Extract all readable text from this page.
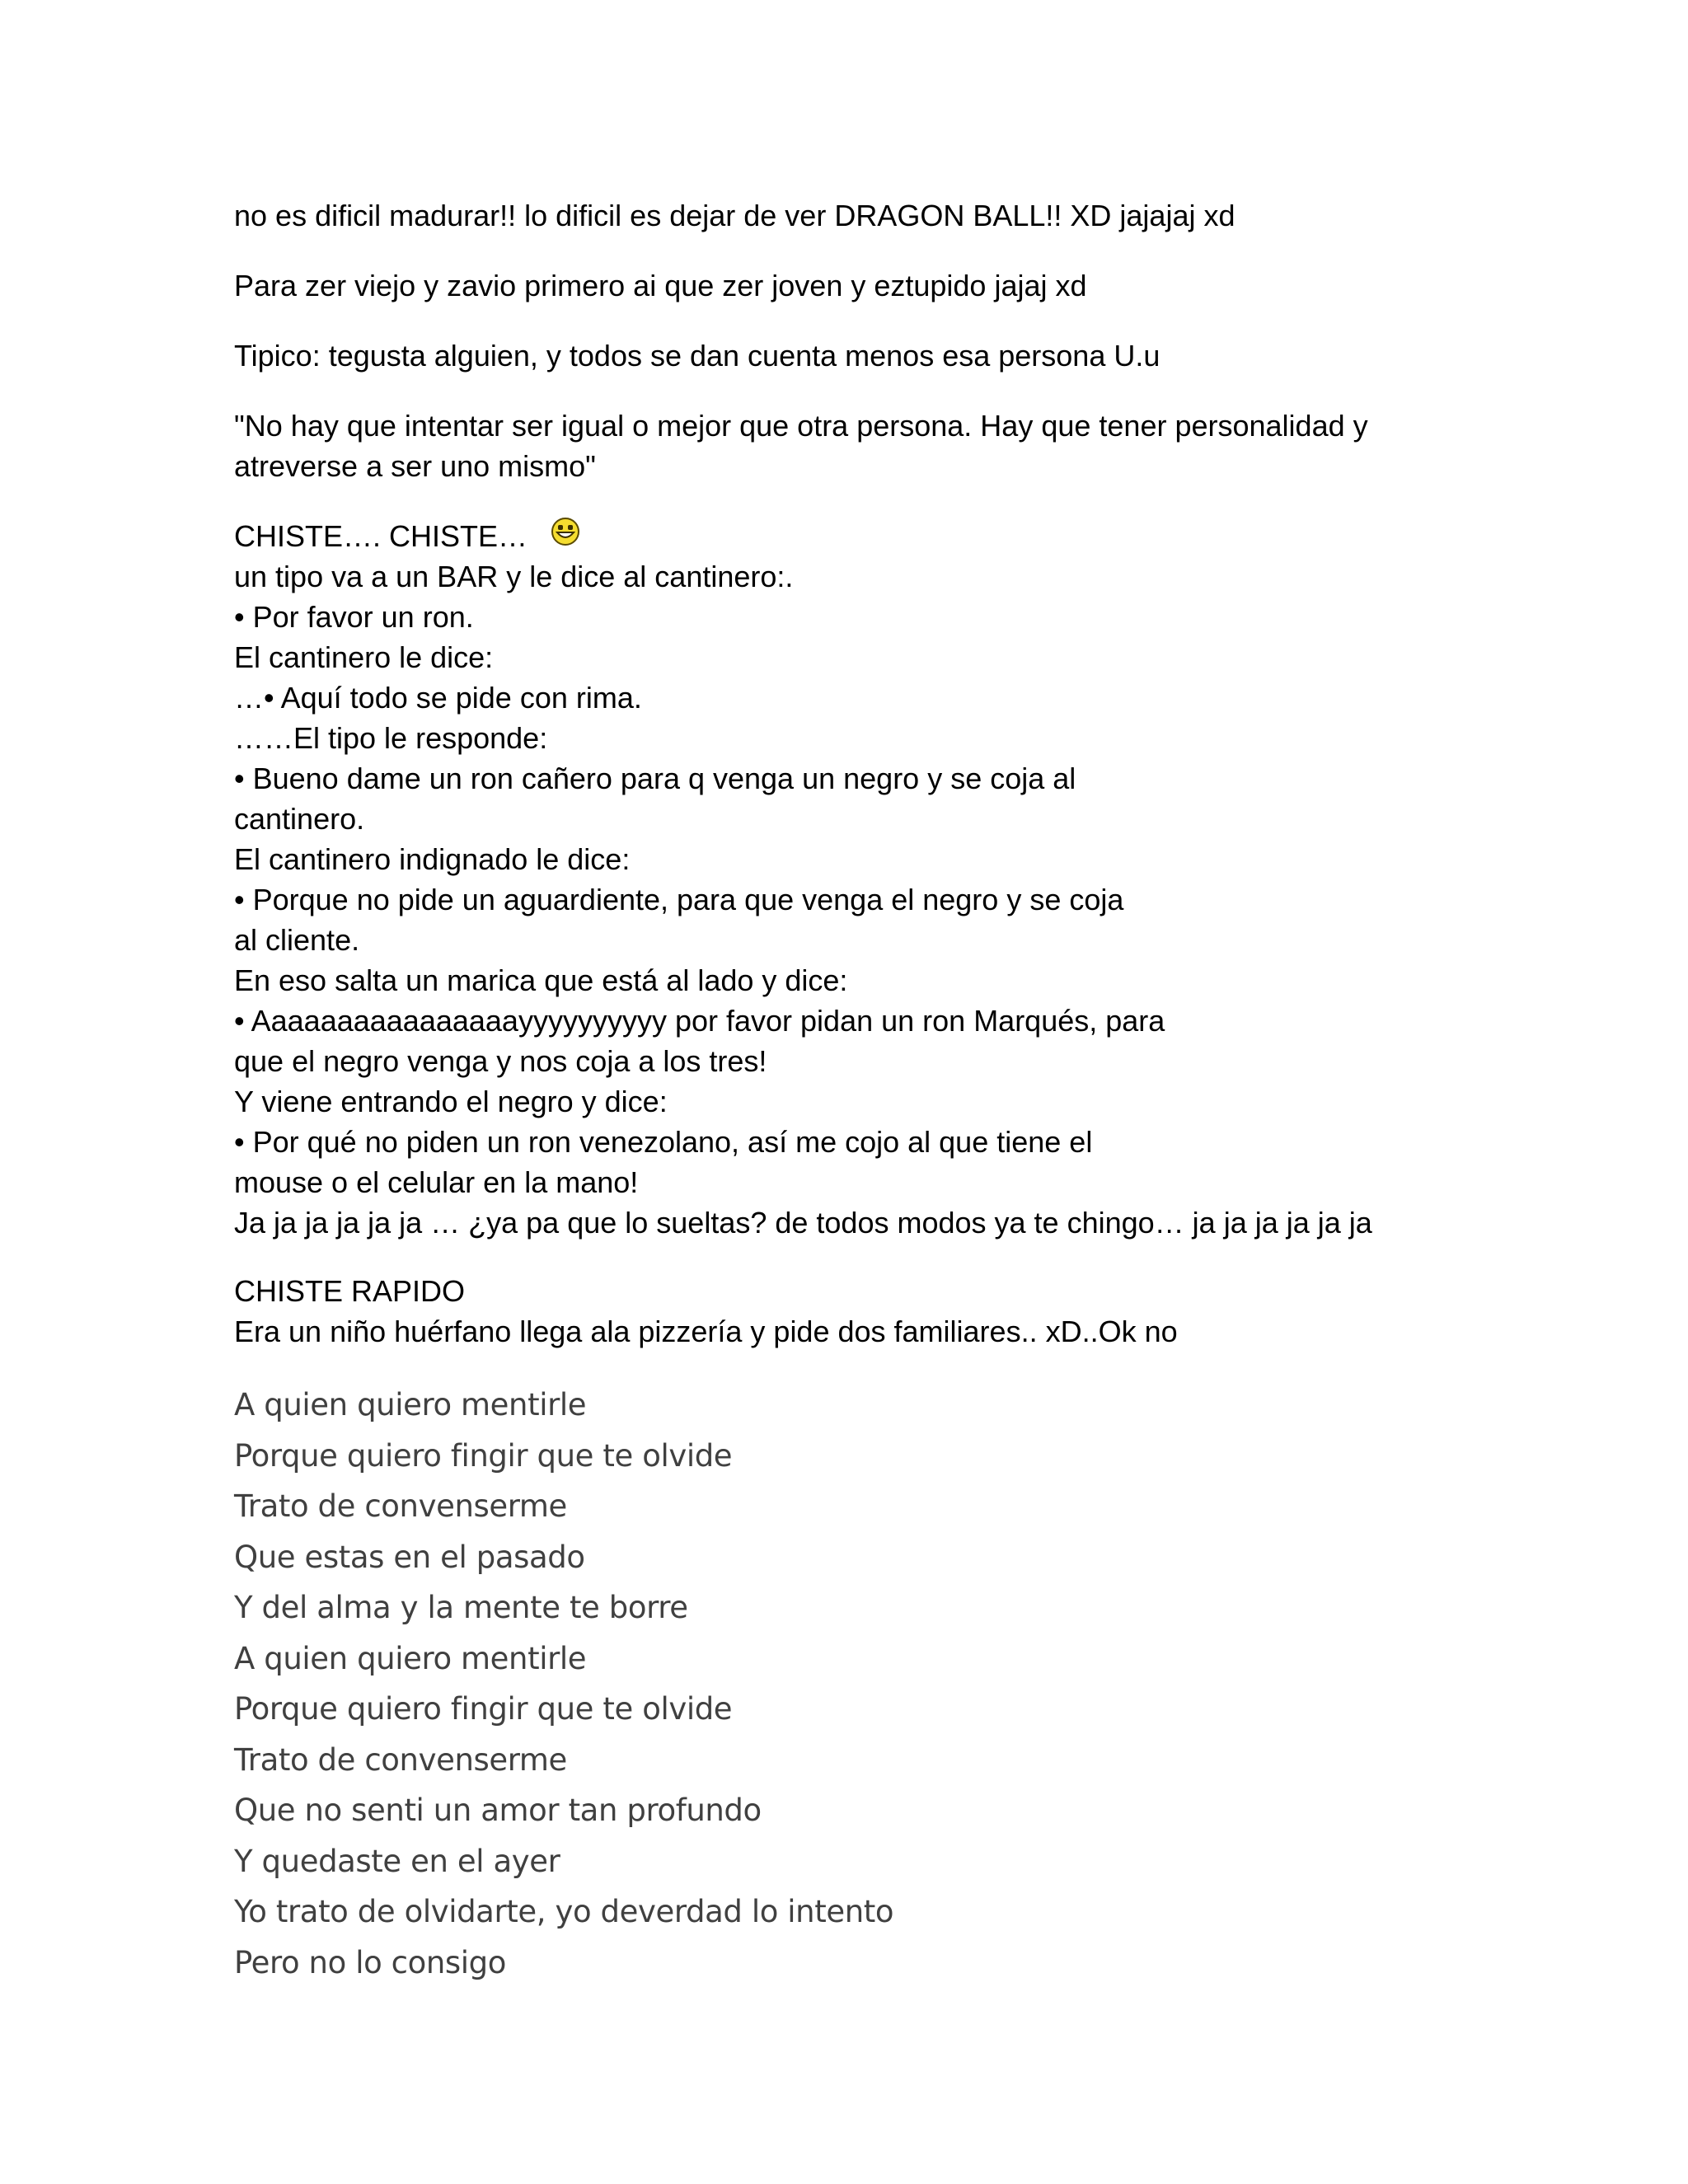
no es dificil madurar!! lo dificil es dejar de ver DRAGON BALL!! XD jajajaj xd

Para zer viejo y zavio primero ai que zer joven y eztupido jajaj xd

Tipico: tegusta alguien, y todos se dan cuenta menos esa persona U.u

"No hay que intentar ser igual o mejor que otra persona. Hay que tener personalidad y
atreverse a ser uno mismo"
CHISTE…. CHISTE…
un tipo va a un BAR y le dice al cantinero:.
• Por favor un ron.
El cantinero le dice:
…• Aquí todo se pide con rima.
……El tipo le responde:
• Bueno dame un ron cañero para q venga un negro y se coja al
cantinero.
El cantinero indignado le dice:
• Porque no pide un aguardiente, para que venga el negro y se coja
al cliente.
En eso salta un marica que está al lado y dice:
• Aaaaaaaaaaaaaaaayyyyyyyyyy por favor pidan un ron Marqués, para
que el negro venga y nos coja a los tres!
Y viene entrando el negro y dice:
• Por qué no piden un ron venezolano, así me cojo al que tiene el
mouse o el celular en la mano!
Ja ja ja ja ja ja … ¿ya pa que lo sueltas? de todos modos ya te chingo… ja ja ja ja ja ja
CHISTE RAPIDO
Era un niño huérfano llega ala pizzería y pide dos familiares.. xD..Ok no
A quien quiero mentirle
Porque quiero fingir que te olvide
Trato de convenserme
Que estas en el pasado
Y del alma y la mente te borre
A quien quiero mentirle
Porque quiero fingir que te olvide
Trato de convenserme
Que no senti un amor tan profundo
Y quedaste en el ayer
Yo trato de olvidarte, yo deverdad lo intento
Pero no lo consigo
